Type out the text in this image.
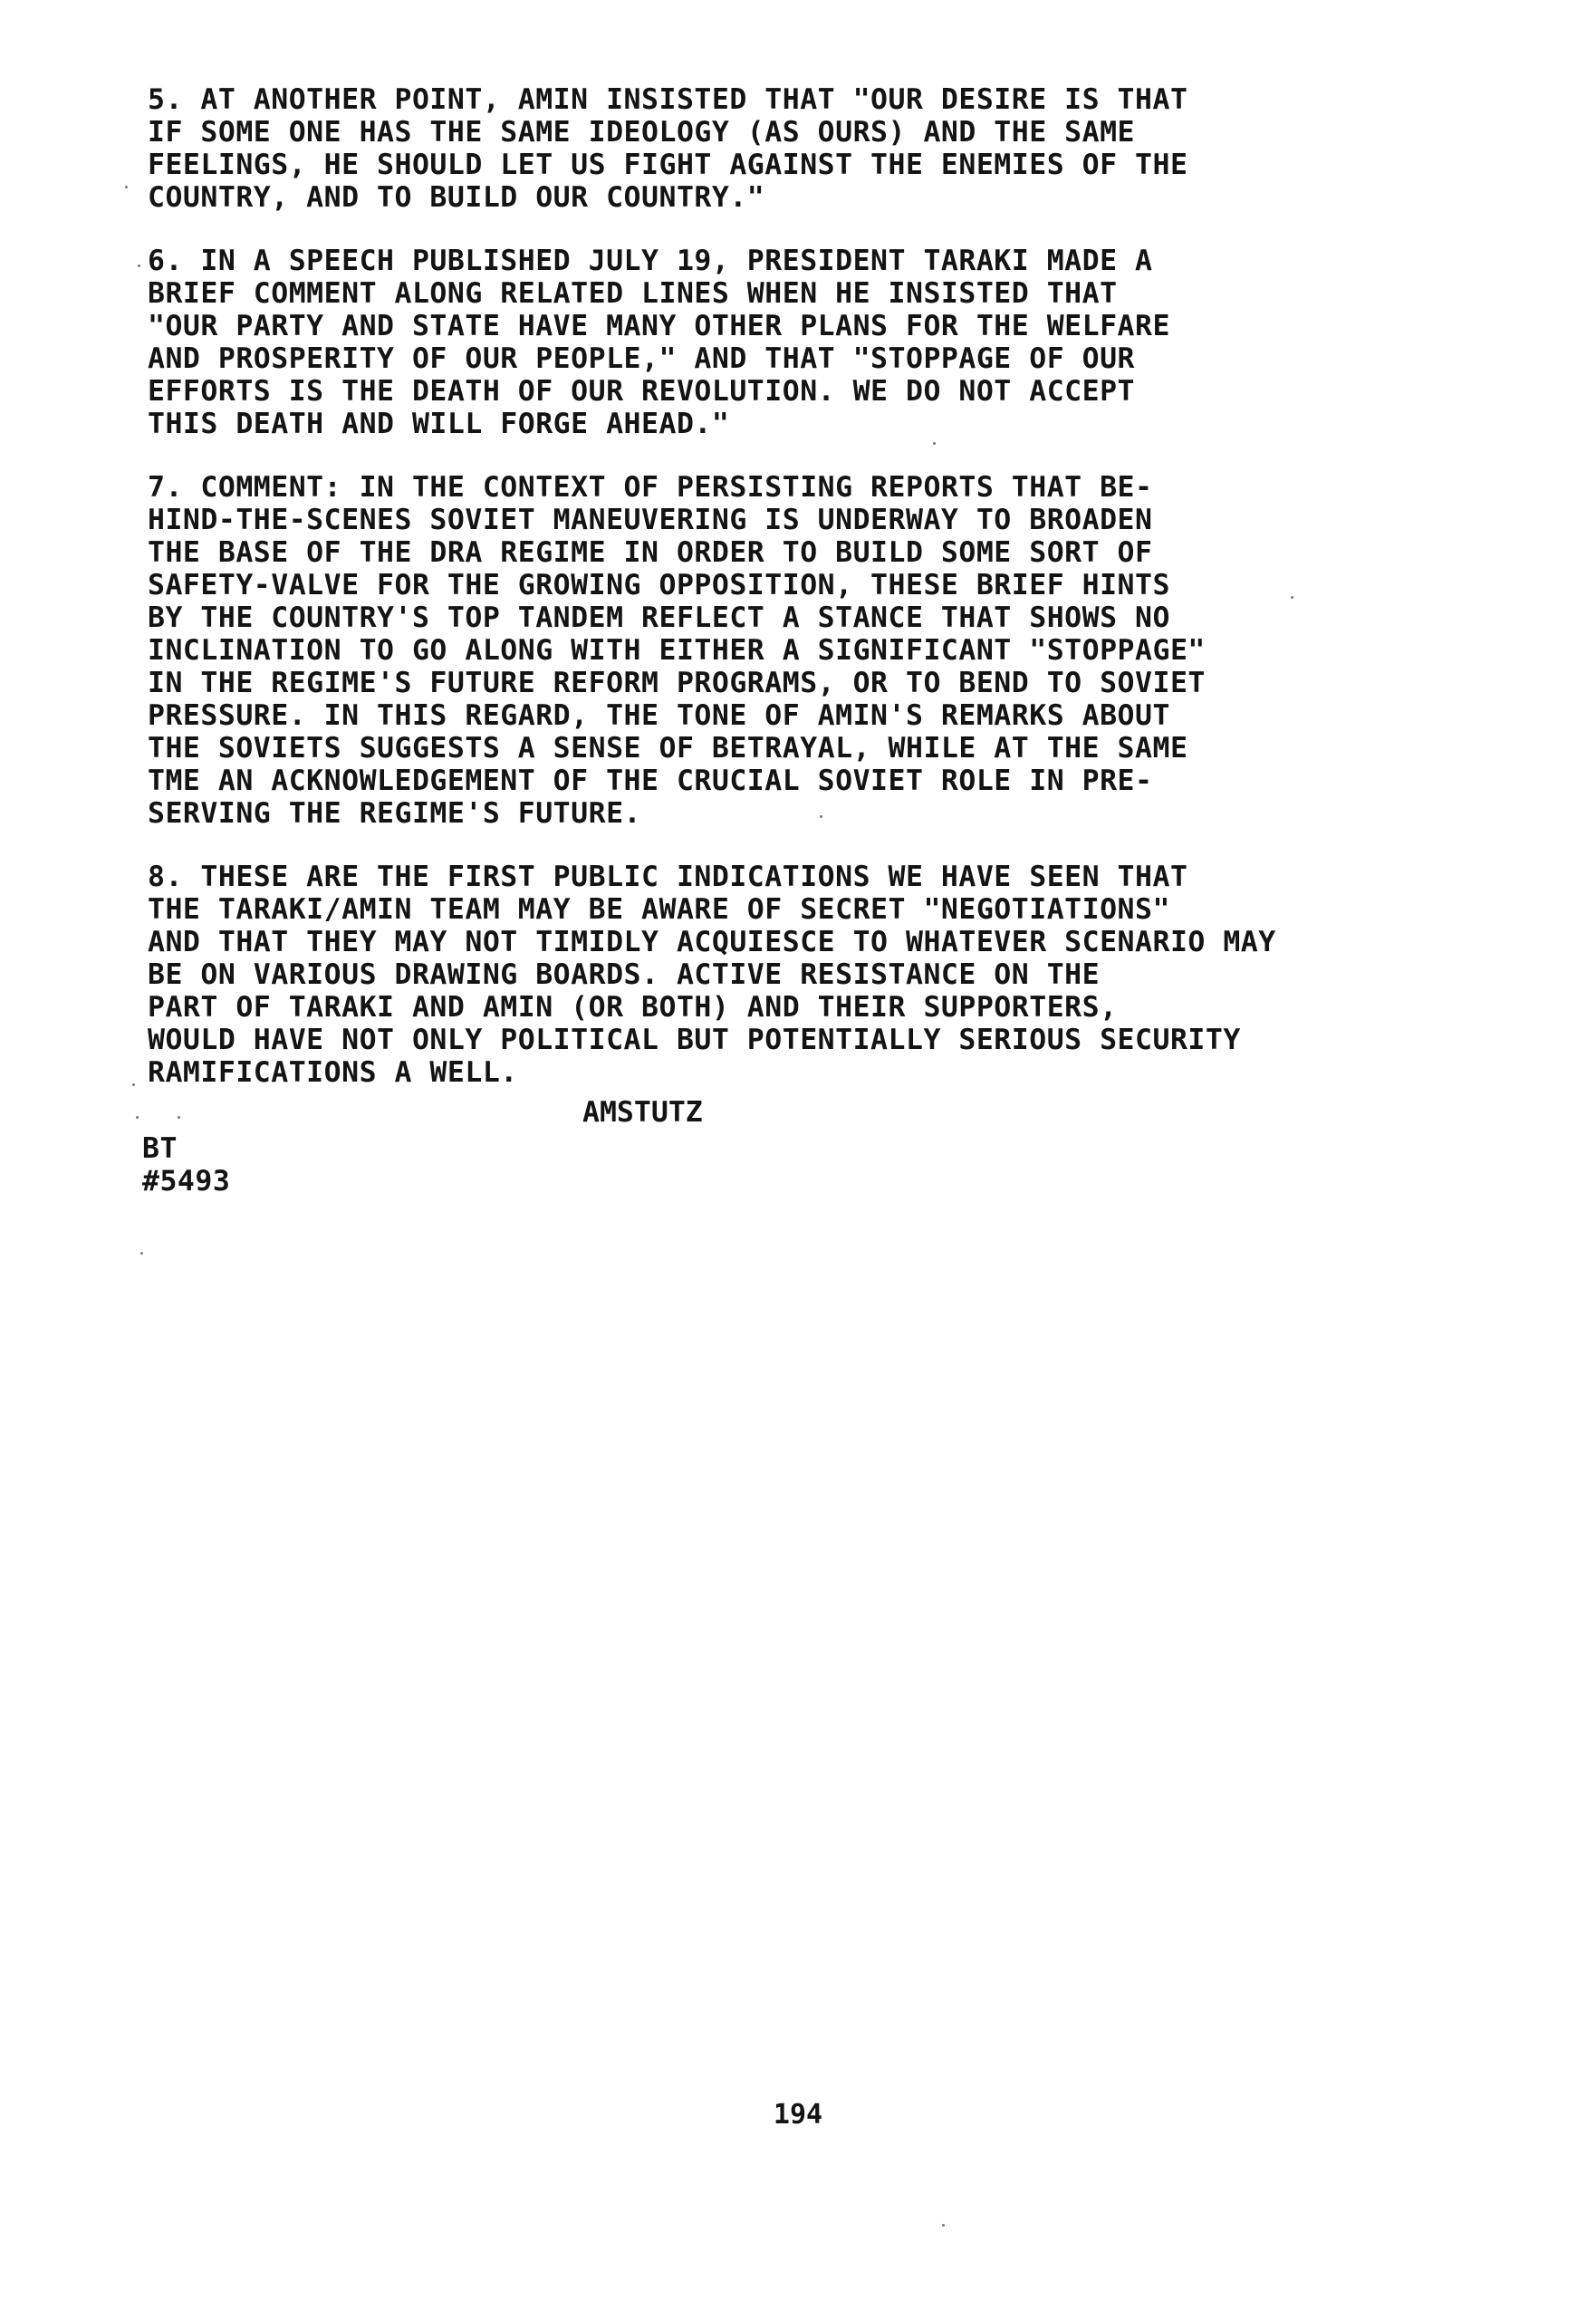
5. AT ANOTHER POINT, AMIN INSISTED THAT "OUR DESIRE IS THAT
IF SOME ONE HAS THE SAME IDEOLOGY (AS OURS) AND THE SAME
FEELINGS, HE SHOULD LET US FIGHT AGAINST THE ENEMIES OF THE
COUNTRY, AND TO BUILD OUR COUNTRY."
6. IN A SPEECH PUBLISHED JULY 19, PRESIDENT TARAKI MADE A
BRIEF COMMENT ALONG RELATED LINES WHEN HE INSISTED THAT
"OUR PARTY AND STATE HAVE MANY OTHER PLANS FOR THE WELFARE
AND PROSPERITY OF OUR PEOPLE," AND THAT "STOPPAGE OF OUR
EFFORTS IS THE DEATH OF OUR REVOLUTION. WE DO NOT ACCEPT
THIS DEATH AND WILL FORGE AHEAD."
7. COMMENT: IN THE CONTEXT OF PERSISTING REPORTS THAT BE-
HIND-THE-SCENES SOVIET MANEUVERING IS UNDERWAY TO BROADEN
THE BASE OF THE DRA REGIME IN ORDER TO BUILD SOME SORT OF
SAFETY-VALVE FOR THE GROWING OPPOSITION, THESE BRIEF HINTS
BY THE COUNTRY'S TOP TANDEM REFLECT A STANCE THAT SHOWS NO
INCLINATION TO GO ALONG WITH EITHER A SIGNIFICANT "STOPPAGE"
IN THE REGIME'S FUTURE REFORM PROGRAMS, OR TO BEND TO SOVIET
PRESSURE. IN THIS REGARD, THE TONE OF AMIN'S REMARKS ABOUT
THE SOVIETS SUGGESTS A SENSE OF BETRAYAL, WHILE AT THE SAME
TME AN ACKNOWLEDGEMENT OF THE CRUCIAL SOVIET ROLE IN PRE-
SERVING THE REGIME'S FUTURE.
8. THESE ARE THE FIRST PUBLIC INDICATIONS WE HAVE SEEN THAT
THE TARAKI/AMIN TEAM MAY BE AWARE OF SECRET "NEGOTIATIONS"
AND THAT THEY MAY NOT TIMIDLY ACQUIESCE TO WHATEVER SCENARIO MAY
BE ON VARIOUS DRAWING BOARDS. ACTIVE RESISTANCE ON THE
PART OF TARAKI AND AMIN (OR BOTH) AND THEIR SUPPORTERS,
WOULD HAVE NOT ONLY POLITICAL BUT POTENTIALLY SERIOUS SECURITY
RAMIFICATIONS A WELL.
AMSTUTZ
BT
#5493
194
